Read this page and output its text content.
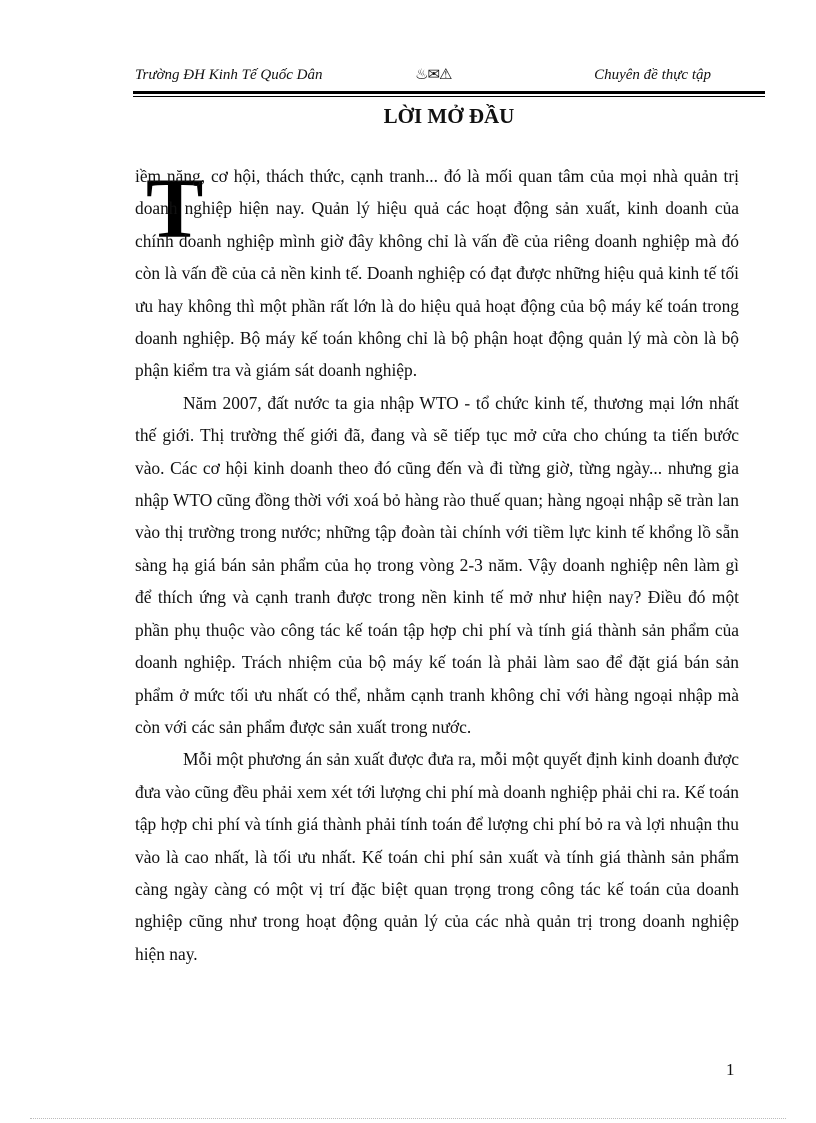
Trường ĐH Kinh Tế Quốc Dân	♨✉⚠	Chuyên đề thực tập
LỜI MỞ ĐẦU
T

iềm năng, cơ hội, thách thức, cạnh tranh... đó là mối quan tâm của mọi nhà quản trị doanh nghiệp hiện nay. Quản lý hiệu quả các hoạt động sản xuất, kinh doanh của chính doanh nghiệp mình giờ đây không chỉ là vấn đề của riêng doanh nghiệp mà đó còn là vấn đề của cả nền kinh tế. Doanh nghiệp có đạt được những hiệu quả kinh tế tối ưu hay không thì một phần rất lớn là do hiệu quả hoạt động của bộ máy kế toán trong doanh nghiệp. Bộ máy kế toán không chỉ là bộ phận hoạt động quản lý mà còn là bộ phận kiểm tra và giám sát doanh nghiệp.

Năm 2007, đất nước ta gia nhập WTO - tổ chức kinh tế, thương mại lớn nhất thế giới. Thị trường thế giới đã, đang và sẽ tiếp tục mở cửa cho chúng ta tiến bước vào. Các cơ hội kinh doanh theo đó cũng đến và đi từng giờ, từng ngày... nhưng gia nhập WTO cũng đồng thời với xoá bỏ hàng rào thuế quan; hàng ngoại nhập sẽ tràn lan vào thị trường trong nước; những tập đoàn tài chính với tiềm lực kinh tế khổng lồ sẵn sàng hạ giá bán sản phẩm của họ trong vòng 2-3 năm. Vậy doanh nghiệp nên làm gì để thích ứng và cạnh tranh được trong nền kinh tế mở như hiện nay? Điều đó một phần phụ thuộc vào công tác kế toán tập hợp chi phí và tính giá thành sản phẩm của doanh nghiệp. Trách nhiệm của bộ máy kế toán là phải làm sao để đặt giá bán sản phẩm ở mức tối ưu nhất có thể, nhằm cạnh tranh không chỉ với hàng ngoại nhập mà còn với các sản phẩm được sản xuất trong nước.

Mỗi một phương án sản xuất được đưa ra, mỗi một quyết định kinh doanh được đưa vào cũng đều phải xem xét tới lượng chi phí mà doanh nghiệp phải chi ra. Kế toán tập hợp chi phí và tính giá thành phải tính toán để lượng chi phí bỏ ra và lợi nhuận thu vào là cao nhất, là tối ưu nhất. Kế toán chi phí sản xuất và tính giá thành sản phẩm càng ngày càng có một vị trí đặc biệt quan trọng trong công tác kế toán của doanh nghiệp cũng như trong hoạt động quản lý của các nhà quản trị trong doanh nghiệp hiện nay.

1
